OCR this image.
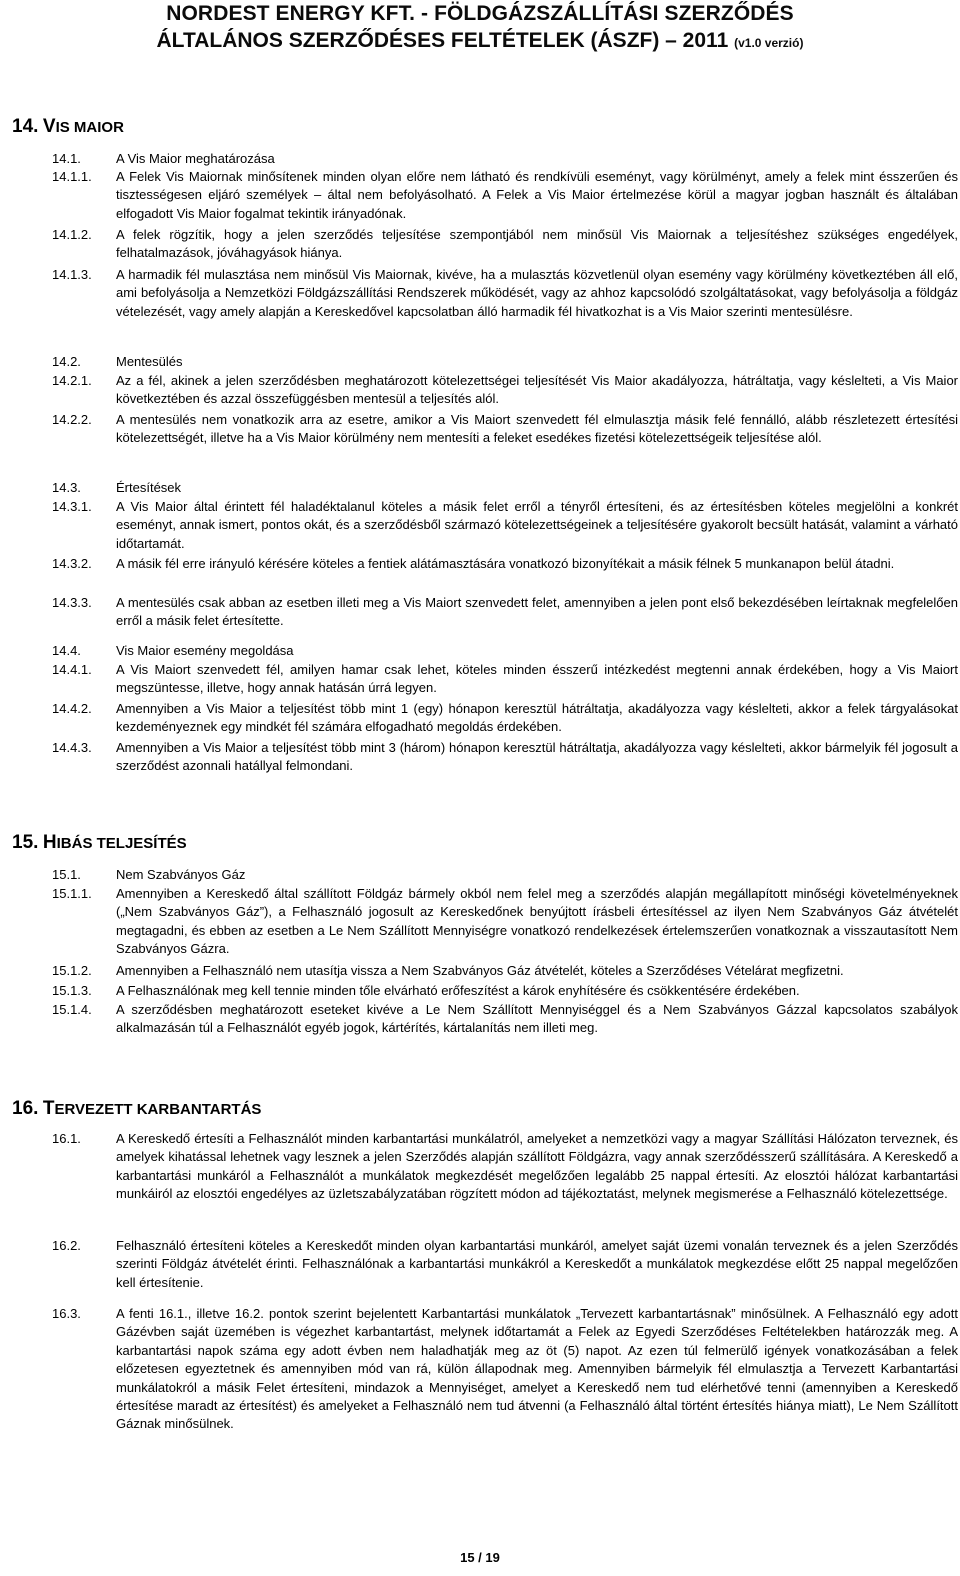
NORDEST ENERGY KFT. - FÖLDGÁZSZÁLLÍTÁSI SZERZŐDÉS
ÁLTALÁNOS SZERZŐDÉSES FELTÉTELEK (ÁSZF) – 2011 (v1.0 verzió)
14. VIS MAIOR
14.1.	A Vis Maior meghatározása
14.1.1.	A Felek Vis Maiornak minősítenek minden olyan előre nem látható és rendkívüli eseményt, vagy körülményt, amely a felek mint ésszerűen és tisztességesen eljáró személyek – által nem befolyásolható. A Felek a Vis Maior értelmezése körül a magyar jogban használt és általában elfogadott Vis Maior fogalmat tekintik irányadónak.
14.1.2.	A felek rögzítik, hogy a jelen szerződés teljesítése szempontjából nem minősül Vis Maiornak a teljesítéshez szükséges engedélyek, felhatalmazások, jóváhagyások hiánya.
14.1.3.	A harmadik fél mulasztása nem minősül Vis Maiornak, kivéve, ha a mulasztás közvetlenül olyan esemény vagy körülmény következtében áll elő, ami befolyásolja a Nemzetközi Földgázszállítási Rendszerek működését, vagy az ahhoz kapcsolódó szolgáltatásokat, vagy befolyásolja a földgáz vételezését, vagy amely alapján a Kereskedővel kapcsolatban álló harmadik fél hivatkozhat is a Vis Maior szerinti mentesülésre.
14.2.	Mentesülés
14.2.1.	Az a fél, akinek a jelen szerződésben meghatározott kötelezettségei teljesítését Vis Maior akadályozza, hátráltatja, vagy késlelteti, a Vis Maior következtében és azzal összefüggésben mentesül a teljesítés alól.
14.2.2.	A mentesülés nem vonatkozik arra az esetre, amikor a Vis Maiort szenvedett fél elmulasztja másik felé fennálló, alább részletezett értesítési kötelezettségét, illetve ha a Vis Maior körülmény nem mentesíti a feleket esedékes fizetési kötelezettségeik teljesítése alól.
14.3.	Értesítések
14.3.1.	A Vis Maior által érintett fél haladéktalanul köteles a másik felet erről a tényről értesíteni, és az értesítésben köteles megjelölni a konkrét eseményt, annak ismert, pontos okát, és a szerződésből származó kötelezettségeinek a teljesítésére gyakorolt becsült hatását, valamint a várható időtartamát.
14.3.2.	A másik fél erre irányuló kérésére köteles a fentiek alátámasztására vonatkozó bizonyítékait a másik félnek 5 munkanapon belül átadni.
14.3.3.	A mentesülés csak abban az esetben illeti meg a Vis Maiort szenvedett felet, amennyiben a jelen pont első bekezdésében leírtaknak megfelelően erről a másik felet értesítette.
14.4.	Vis Maior esemény megoldása
14.4.1.	A Vis Maiort szenvedett fél, amilyen hamar csak lehet, köteles minden ésszerű intézkedést megtenni annak érdekében, hogy a Vis Maiort megszüntesse, illetve, hogy annak hatásán úrrá legyen.
14.4.2.	Amennyiben a Vis Maior a teljesítést több mint 1 (egy) hónapon keresztül hátráltatja, akadályozza vagy késlelteti, akkor a felek tárgyalásokat kezdeményeznek egy mindkét fél számára elfogadható megoldás érdekében.
14.4.3.	Amennyiben a Vis Maior a teljesítést több mint 3 (három) hónapon keresztül hátráltatja, akadályozza vagy késlelteti, akkor bármelyik fél jogosult a szerződést azonnali hatállyal felmondani.
15. HIBÁS TELJESÍTÉS
15.1.	Nem Szabványos Gáz
15.1.1.	Amennyiben a Kereskedő által szállított Földgáz bármely okból nem felel meg a szerződés alapján megállapított minőségi követelményeknek („Nem Szabványos Gáz”), a Felhasználó jogosult az Kereskedőnek benyújtott írásbeli értesítéssel az ilyen Nem Szabványos Gáz átvételét megtagadni, és ebben az esetben a Le Nem Szállított Mennyiségre vonatkozó rendelkezések értelemszerűen vonatkoznak a visszautasított Nem Szabványos Gázra.
15.1.2.	Amennyiben a Felhasználó nem utasítja vissza a Nem Szabványos Gáz átvételét, köteles a Szerződéses Vételárat megfizetni.
15.1.3.	A Felhasználónak meg kell tennie minden tőle elvárható erőfeszítést a károk enyhítésére és csökkentésére érdekében.
15.1.4.	A szerződésben meghatározott eseteket kivéve a Le Nem Szállított Mennyiséggel és a Nem Szabványos Gázzal kapcsolatos szabályok alkalmazásán túl a Felhasználót egyéb jogok, kártérítés, kártalanítás nem illeti meg.
16. TERVEZETT KARBANTARTÁS
16.1.	A Kereskedő értesíti a Felhasználót minden karbantartási munkálatról, amelyeket a nemzetközi vagy a magyar Szállítási Hálózaton terveznek, és amelyek kihatással lehetnek vagy lesznek a jelen Szerződés alapján szállított Földgázra, vagy annak szerződésszerű szállítására. A Kereskedő a karbantartási munkáról a Felhasználót a munkálatok megkezdését megelőzően legalább 25 nappal értesíti. Az elosztói hálózat karbantartási munkáiról az elosztói engedélyes az üzletszabályzatában rögzített módon ad tájékoztatást, melynek megismerése a Felhasználó kötelezettsége.
16.2.	Felhasználó értesíteni köteles a Kereskedőt minden olyan karbantartási munkáról, amelyet saját üzemi vonalán terveznek és a jelen Szerződés szerinti Földgáz átvételét érinti. Felhasználónak a karbantartási munkákról a Kereskedőt a munkálatok megkezdése előtt 25 nappal megelőzően kell értesítenie.
16.3.	A fenti 16.1., illetve 16.2. pontok szerint bejelentett Karbantartási munkálatok „Tervezett karbantartásnak” minősülnek. A Felhasználó egy adott Gázévben saját üzemében is végezhet karbantartást, melynek időtartamát a Felek az Egyedi Szerződéses Feltételekben határozzák meg. A karbantartási napok száma egy adott évben nem haladhatják meg az öt (5) napot. Az ezen túl felmerülő igények vonatkozásában a felek előzetesen egyeztetnek és amennyiben mód van rá, külön állapodnak meg. Amennyiben bármelyik fél elmulasztja a Tervezett Karbantartási munkálatokról a másik Felet értesíteni, mindazok a Mennyiséget, amelyet a Kereskedő nem tud elérhetővé tenni (amennyiben a Kereskedő értesítése maradt az értesítést) és amelyeket a Felhasználó nem tud átvenni (a Felhasználó által történt értesítés hiánya miatt), Le Nem Szállított Gáznak minősülnek.
15 / 19
